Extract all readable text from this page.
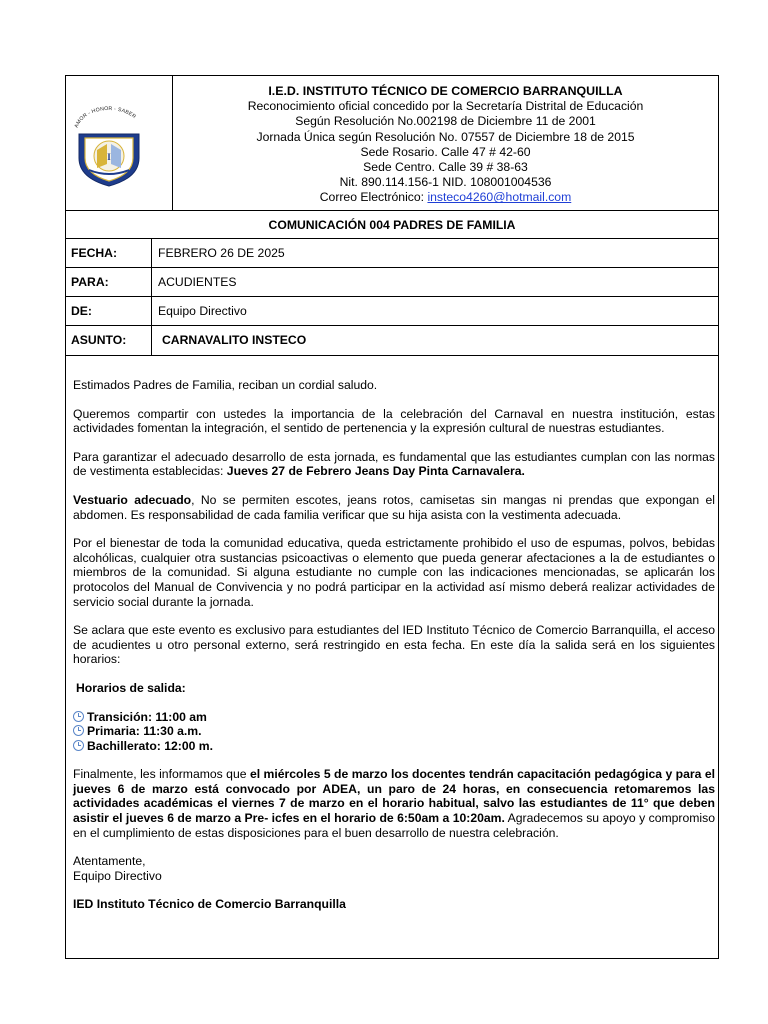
AMOR - HONOR - SABER
I
I.E.D. INSTITUTO TÉCNICO DE COMERCIO BARRANQUILLA
Reconocimiento oficial concedido por la Secretaría Distrital de Educación
Según Resolución No.002198 de Diciembre 11 de 2001
Jornada Única según Resolución No. 07557 de Diciembre 18 de 2015
Sede Rosario. Calle 47 # 42-60
Sede Centro. Calle 39 # 38-63
Nit. 890.114.156-1 NID. 108001004536
Correo Electrónico: insteco4260@hotmail.com
COMUNICACIÓN 004 PADRES DE FAMILIA
FECHA:	FEBRERO 26 DE 2025
PARA:	ACUDIENTES
DE:	Equipo Directivo
ASUNTO:	CARNAVALITO INSTECO

Estimados Padres de Familia, reciban un cordial saludo.

Queremos compartir con ustedes la importancia de la celebración del Carnaval en nuestra institución, estas actividades fomentan la integración, el sentido de pertenencia y la expresión cultural de nuestras estudiantes.

Para garantizar el adecuado desarrollo de esta jornada, es fundamental que las estudiantes cumplan con las normas de vestimenta establecidas: Jueves 27 de Febrero Jeans Day Pinta Carnavalera.

Vestuario adecuado, No se permiten escotes, jeans rotos, camisetas sin mangas ni prendas que expongan el abdomen. Es responsabilidad de cada familia verificar que su hija asista con la vestimenta adecuada.

Por el bienestar de toda la comunidad educativa, queda estrictamente prohibido el uso de espumas, polvos, bebidas alcohólicas, cualquier otra sustancias psicoactivas o elemento que pueda generar afectaciones a la de estudiantes o miembros de la comunidad. Si alguna estudiante no cumple con las indicaciones mencionadas, se aplicarán los protocolos del Manual de Convivencia y no podrá participar en la actividad así mismo deberá realizar actividades de servicio social durante la jornada.

Se aclara que este evento es exclusivo para estudiantes del IED Instituto Técnico de Comercio Barranquilla, el acceso de acudientes u otro personal externo, será restringido en esta fecha. En este día la salida será en los siguientes horarios:

Horarios de salida:

Transición: 11:00 am
Primaria: 11:30 a.m.
Bachillerato: 12:00 m.

Finalmente, les informamos que el miércoles 5 de marzo los docentes tendrán capacitación pedagógica y para el jueves 6 de marzo está convocado por ADEA, un paro de 24 horas, en consecuencia retomaremos las actividades académicas el viernes 7 de marzo en el horario habitual, salvo las estudiantes de 11° que deben asistir el jueves 6 de marzo a Pre- icfes en el horario de 6:50am a 10:20am. Agradecemos su apoyo y compromiso en el cumplimiento de estas disposiciones para el buen desarrollo de nuestra celebración.

Atentamente,

Equipo Directivo

IED Instituto Técnico de Comercio Barranquilla
